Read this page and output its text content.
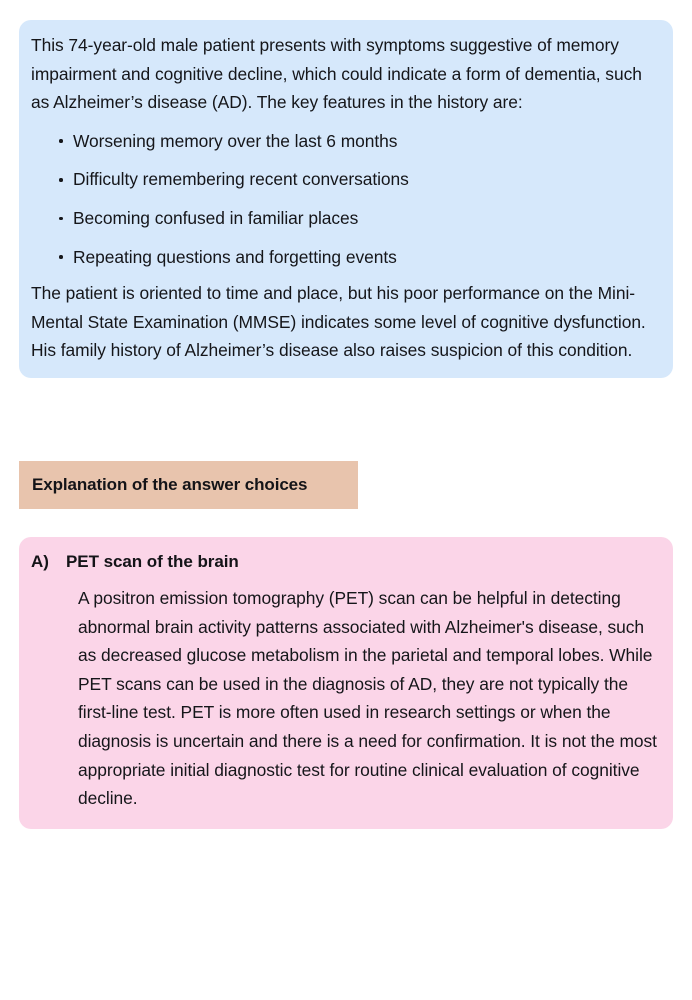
This 74-year-old male patient presents with symptoms suggestive of memory impairment and cognitive decline, which could indicate a form of dementia, such as Alzheimer’s disease (AD). The key features in the history are:

Worsening memory over the last 6 months
Difficulty remembering recent conversations
Becoming confused in familiar places
Repeating questions and forgetting events

The patient is oriented to time and place, but his poor performance on the Mini-Mental State Examination (MMSE) indicates some level of cognitive dysfunction. His family history of Alzheimer’s disease also raises suspicion of this condition.

Explanation of the answer choices
A)	PET scan of the brain

A positron emission tomography (PET) scan can be helpful in detecting abnormal brain activity patterns associated with Alzheimer's disease, such as decreased glucose metabolism in the parietal and temporal lobes. While PET scans can be used in the diagnosis of AD, they are not typically the first-line test. PET is more often used in research settings or when the diagnosis is uncertain and there is a need for confirmation. It is not the most appropriate initial diagnostic test for routine clinical evaluation of cognitive decline.
